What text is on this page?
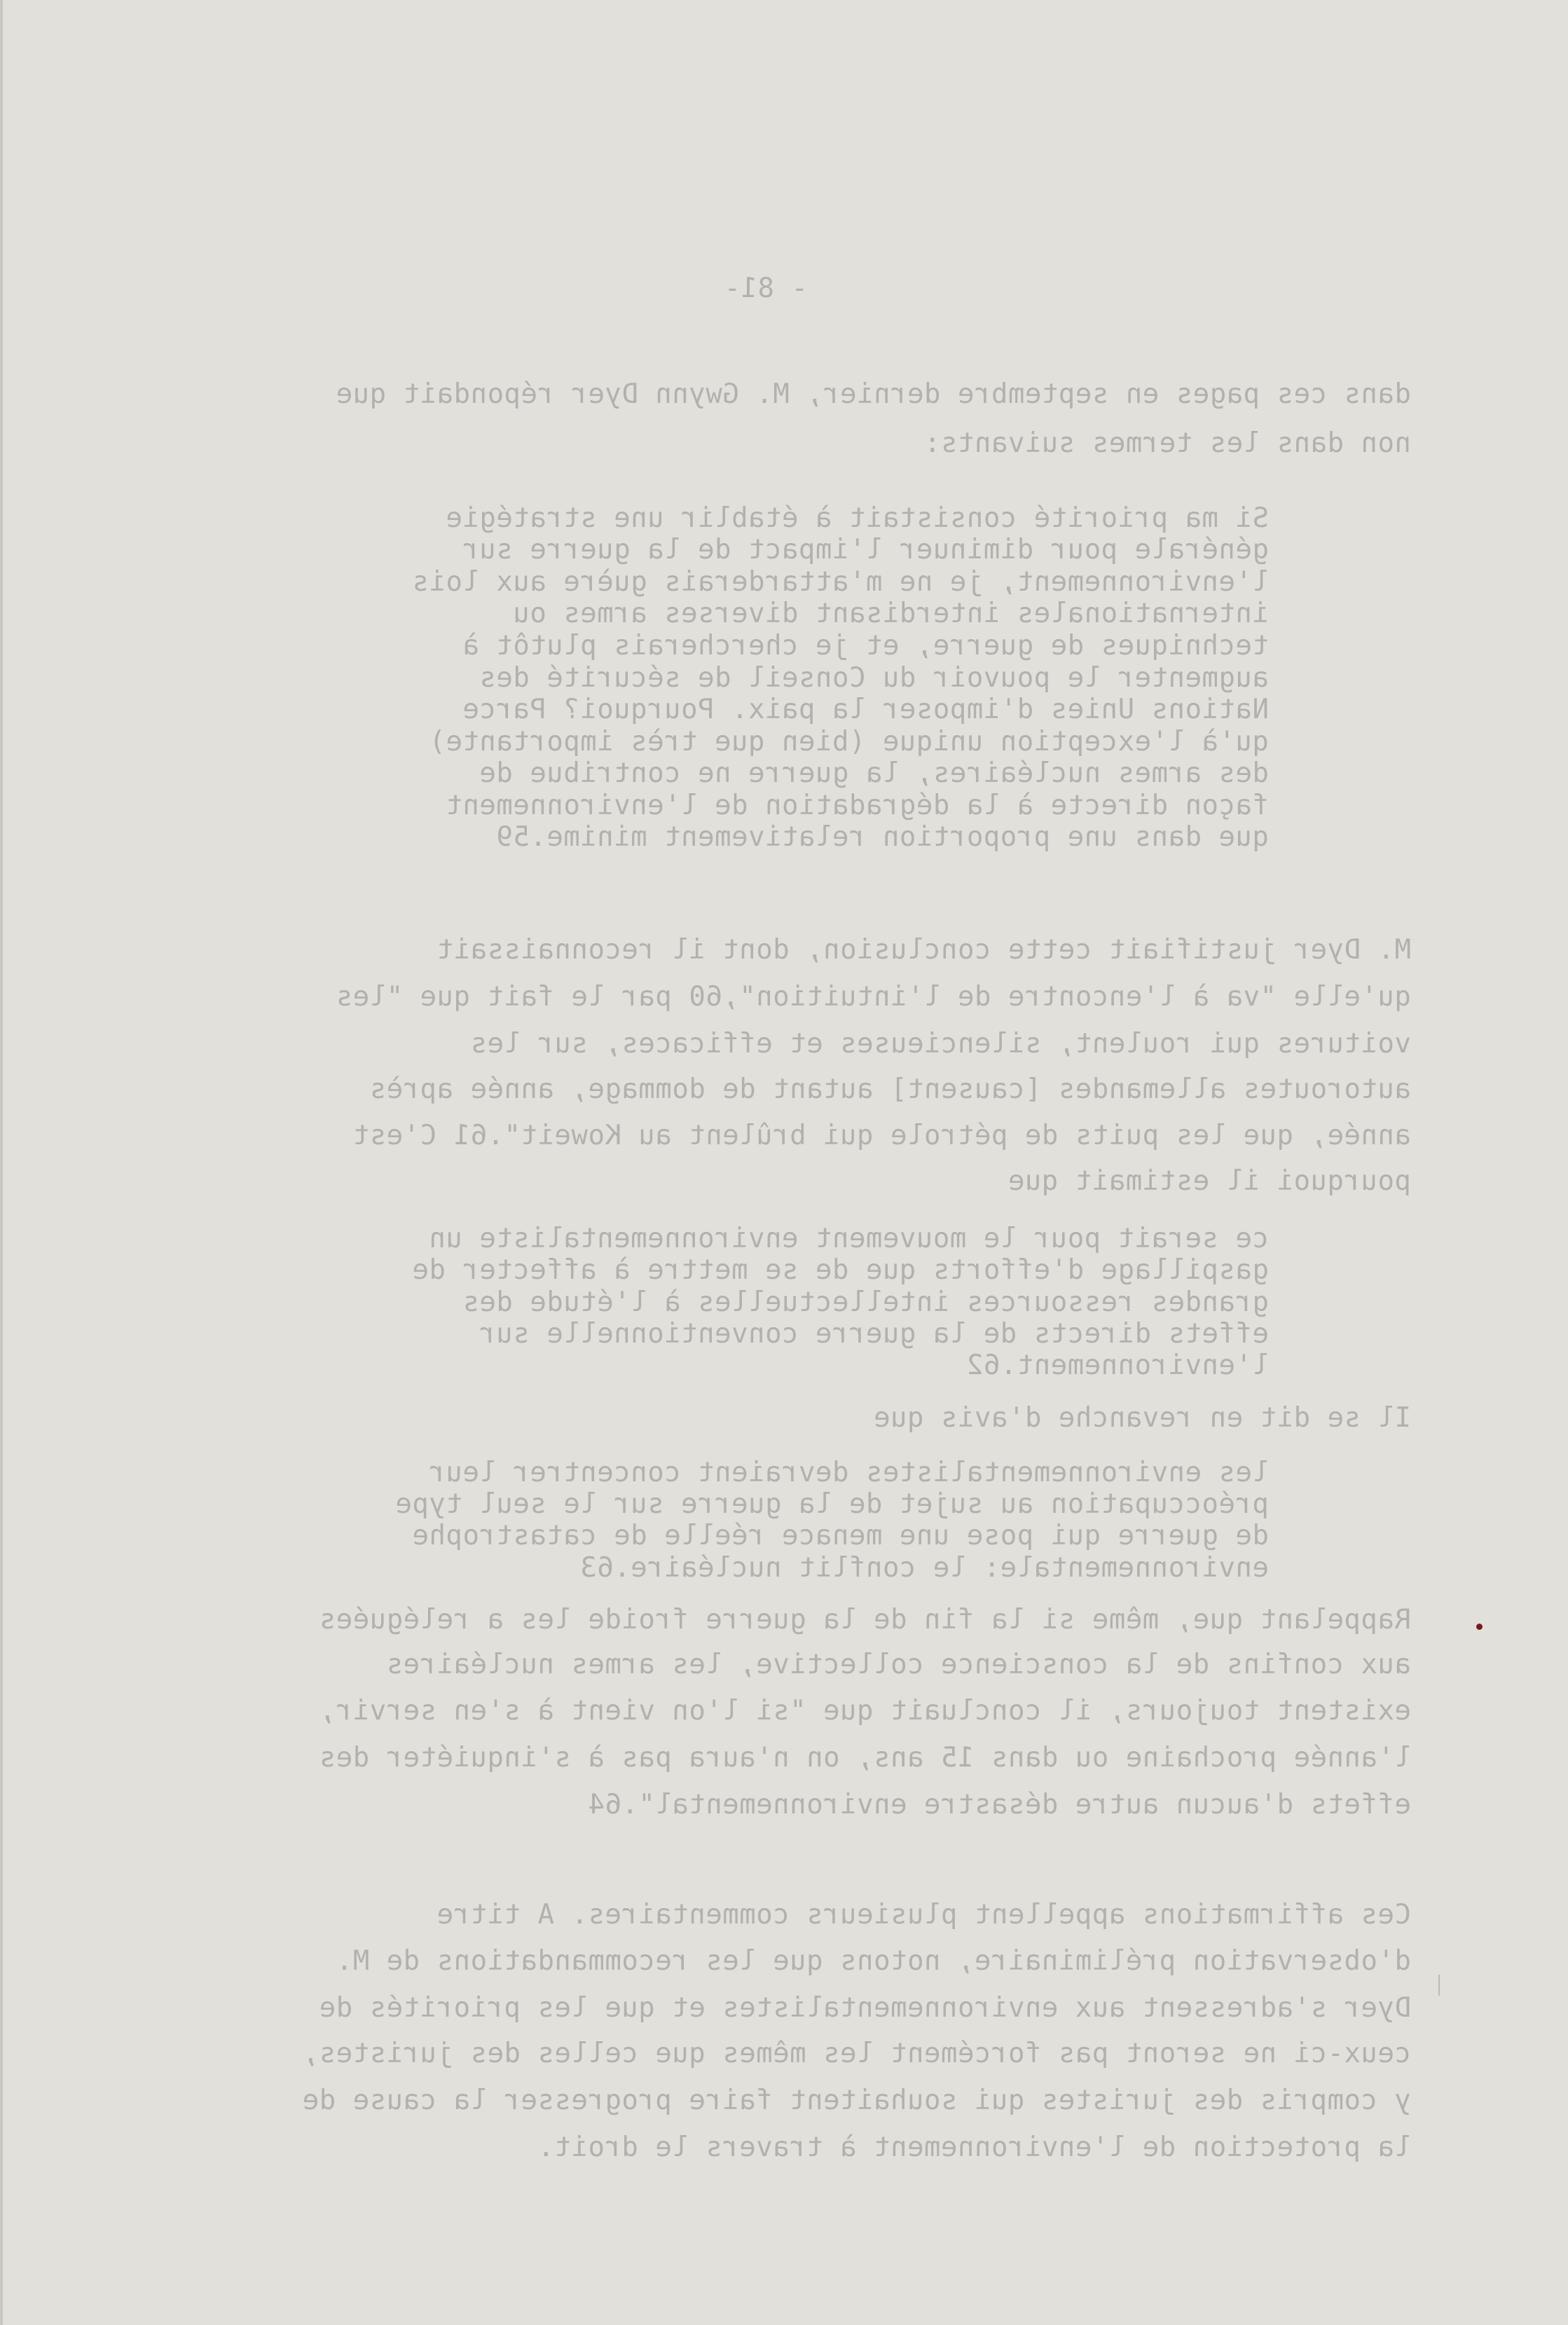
- 81-
dans ces pages en septembre dernier, M. Gwynn Dyer répondait que
non dans les termes suivants:
Si ma priorité consistait à établir une stratégie
générale pour diminuer l'impact de la guerre sur
l'environnement, je ne m'attarderais guère aux lois
internationales interdisant diverses armes ou
techniques de guerre, et je chercherais plutôt à
augmenter le pouvoir du Conseil de sécurité des
Nations Unies d'imposer la paix. Pourquoi? Parce
qu'à l'exception unique (bien que très importante)
des armes nucléaires, la guerre ne contribue de
façon directe à la dégradation de l'environnement
que dans une proportion relativement minime.59
M. Dyer justifiait cette conclusion, dont il reconnaissait
qu'elle "va à l'encontre de l'intuition",60 par le fait que "les
voitures qui roulent, silencieuses et efficaces, sur les
autoroutes allemandes [causent] autant de dommage, année après
année, que les puits de pétrole qui brûlent au Koweit".61 C'est
pourquoi il estimait que
ce serait pour le mouvement environnementaliste un
gaspillage d'efforts que de se mettre à affecter de
grandes ressources intellectuelles à l'étude des
effets directs de la guerre conventionnelle sur
l'environnement.62
Il se dit en revanche d'avis que
les environnementalistes devraient concentrer leur
préoccupation au sujet de la guerre sur le seul type
de guerre qui pose une menace réelle de catastrophe
environnementale: le conflit nucléaire.63
Rappelant que, même si la fin de la guerre froide les a reléguées
aux confins de la conscience collective, les armes nucléaires
existent toujours, il concluait que "si l'on vient à s'en servir,
l'année prochaine ou dans 15 ans, on n'aura pas à s'inquiéter des
effets d'aucun autre désastre environnemental".64
Ces affirmations appellent plusieurs commentaires. A titre
d'observation préliminaire, notons que les recommandations de M.
Dyer s'adressent aux environnementalistes et que les priorités de
ceux-ci ne seront pas forcément les mêmes que celles des juristes,
y compris des juristes qui souhaitent faire progresser la cause de
la protection de l'environnement à travers le droit.
